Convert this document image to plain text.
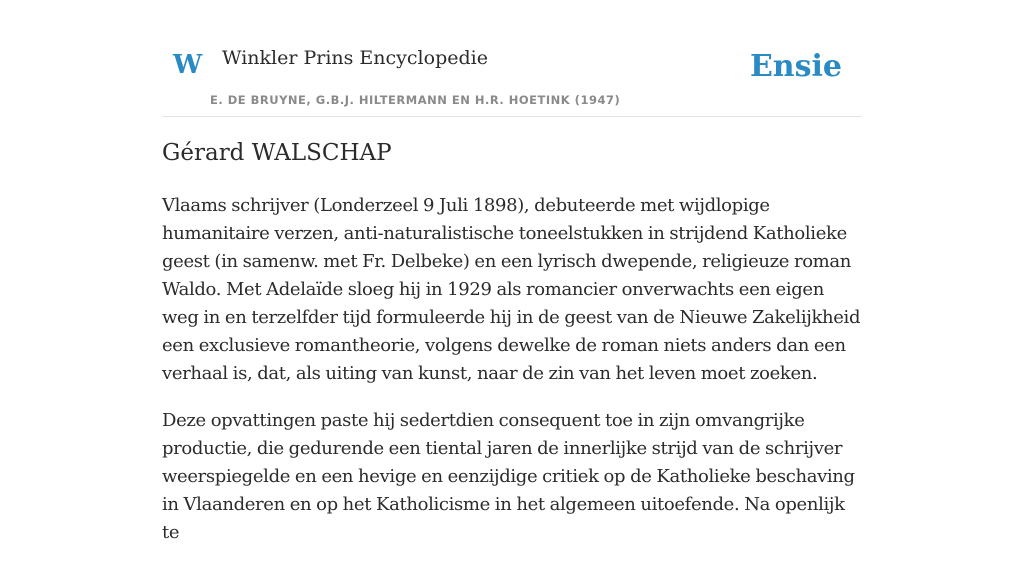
W Winkler Prins Encyclopedie
E. DE BRUYNE, G.B.J. HILTERMANN EN H.R. HOETINK (1947)
Ensie
Gérard WALSCHAP

Vlaams schrijver (Londerzeel 9 Juli 1898), debuteerde met wijdlopige humanitaire verzen, anti-naturalistische toneelstukken in strijdend Katholieke geest (in samenw. met Fr. Delbeke) en een lyrisch dwepende, religieuze roman Waldo. Met Adelaïde sloeg hij in 1929 als romancier onverwachts een eigen weg in en terzelfder tijd formuleerde hij in de geest van de Nieuwe Zakelijkheid een exclusieve romantheorie, volgens dewelke de roman niets anders dan een verhaal is, dat, als uiting van kunst, naar de zin van het leven moet zoeken.

Deze opvattingen paste hij sedertdien consequent toe in zijn omvangrijke productie, die gedurende een tiental jaren de innerlijke strijd van de schrijver weerspiegelde en een hevige en eenzijdige critiek op de Katholieke beschaving in Vlaanderen en op het Katholicisme in het algemeen uitoefende. Na openlijk te
